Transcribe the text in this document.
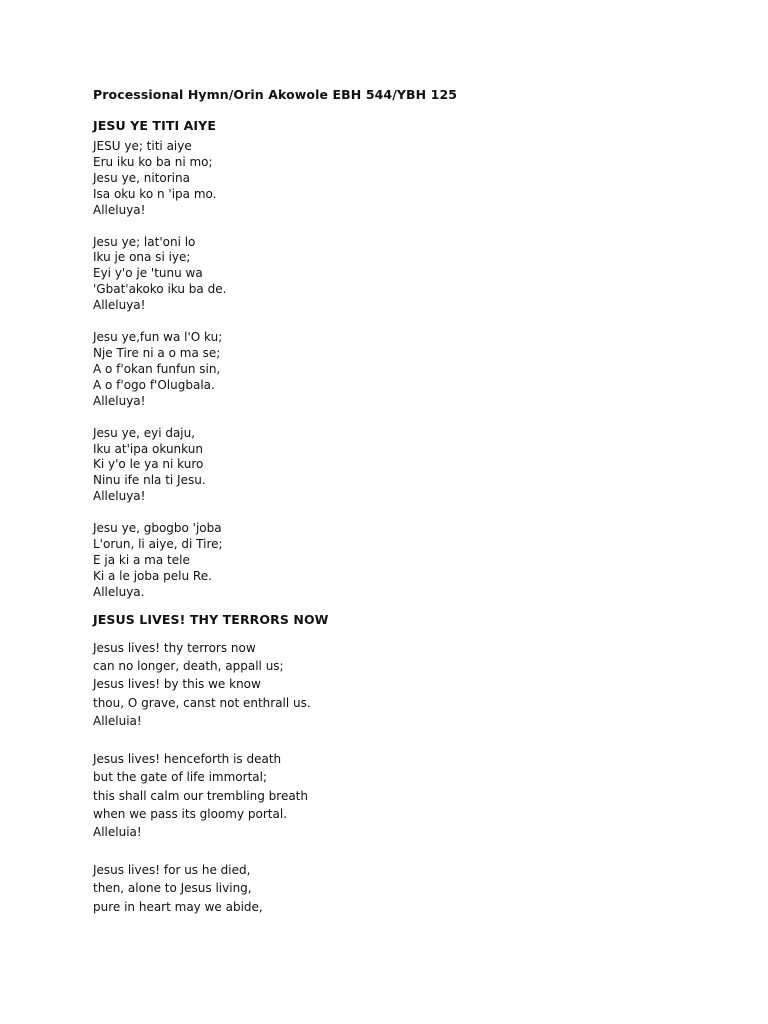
Processional Hymn/Orin Akowole EBH 544/YBH 125
JESU YE TITI AIYE
JESU ye; titi aiye
Eru iku ko ba ni mo;
Jesu ye, nitorina
Isa oku ko n 'ipa mo.
Alleluya!
Jesu ye; lat'oni lo
Iku je ona si iye;
Eyi y'o je 'tunu wa
'Gbat'akoko iku ba de.
Alleluya!
Jesu ye,fun wa l'O ku;
Nje Tire ni a o ma se;
A o f'okan funfun sin,
A o f'ogo f'Olugbala.
Alleluya!
Jesu ye, eyi daju,
Iku at'ipa okunkun
Ki y'o le ya ni kuro
Ninu ife nla ti Jesu.
Alleluya!
Jesu ye, gbogbo 'joba
L'orun, li aiye, di Tire;
E ja ki a ma tele
Ki a le joba pelu Re.
Alleluya.
JESUS LIVES! THY TERRORS NOW
Jesus lives! thy terrors now
can no longer, death, appall us;
Jesus lives! by this we know
thou, O grave, canst not enthrall us.
Alleluia!
Jesus lives! henceforth is death
but the gate of life immortal;
this shall calm our trembling breath
when we pass its gloomy portal.
Alleluia!
Jesus lives! for us he died,
then, alone to Jesus living,
pure in heart may we abide,
